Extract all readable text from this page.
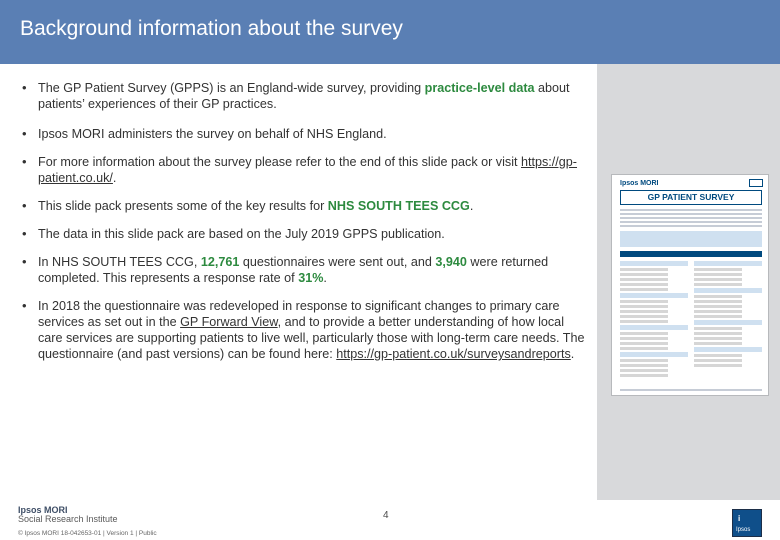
Background information about the survey
• The GP Patient Survey (GPPS) is an England-wide survey, providing practice-level data about patients’ experiences of their GP practices.
• Ipsos MORI administers the survey on behalf of NHS England.
• For more information about the survey please refer to the end of this slide pack or visit https://gp-patient.co.uk/.
• This slide pack presents some of the key results for NHS SOUTH TEES CCG.
• The data in this slide pack are based on the July 2019 GPPS publication.
• In NHS SOUTH TEES CCG, 12,761 questionnaires were sent out, and 3,940 were returned completed. This represents a response rate of 31%.
• In 2018 the questionnaire was redeveloped in response to significant changes to primary care services as set out in the GP Forward View, and to provide a better understanding of how local care services are supporting patients to live well, particularly those with long-term care needs. The questionnaire (and past versions) can be found here: https://gp-patient.co.uk/surveysandreports.
Ipsos MORI
GP PATIENT SURVEY
Ipsos MORI
Social Research Institute
© Ipsos MORI 18-042653-01 | Version 1 | Public
4	i
Ipsos
